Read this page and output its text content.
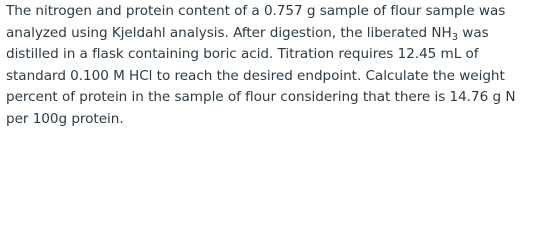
The nitrogen and protein content of a 0.757 g sample of flour sample was
analyzed using Kjeldahl analysis. After digestion, the liberated $NH_3$ was
distilled in a flask containing boric acid. Titration requires 12.45 mL of
standard 0.100 M HCl to reach the desired endpoint. Calculate the weight
percent of protein in the sample of flour considering that there is 14.76 g N
per 100g protein.
